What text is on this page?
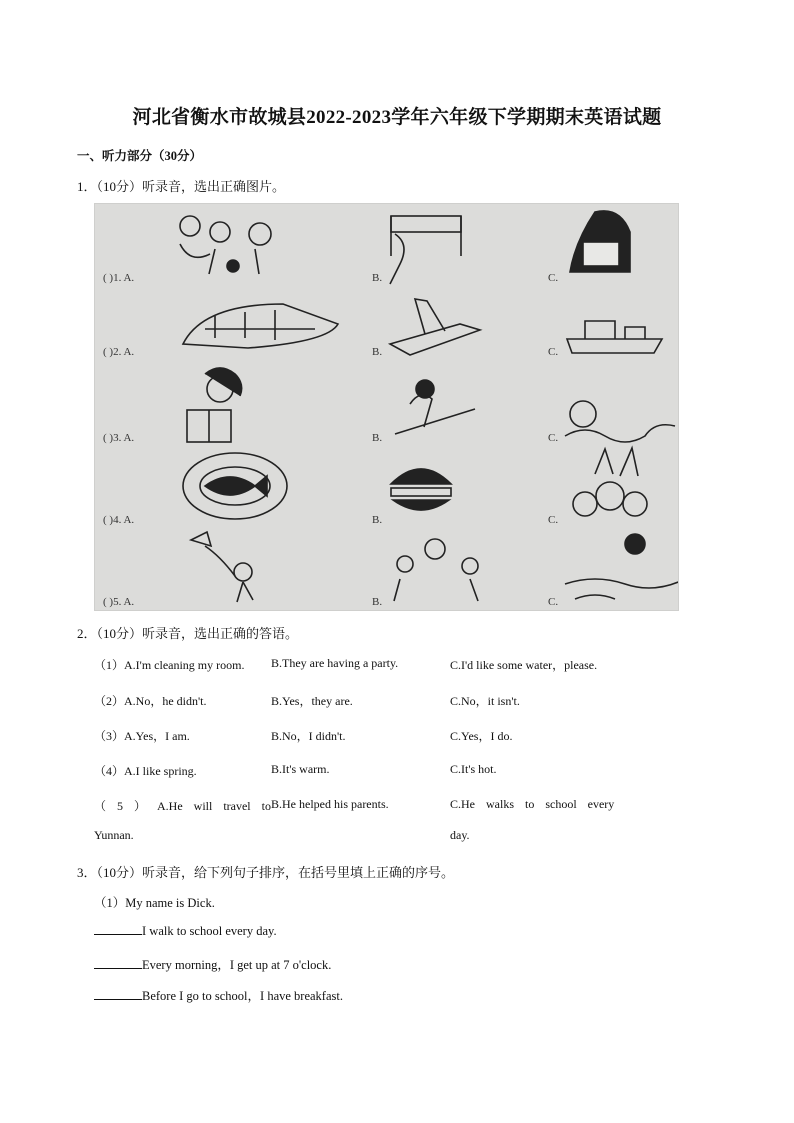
河北省衡水市故城县2022-2023学年六年级下学期期末英语试题
一、听力部分（30分）
1．（10分）听录音，选出正确图片。
( )1. A.	B.	C.
( )2. A.	B.	C.
( )3. A.	B.	C.
( )4. A.	B.	C.
( )5. A.	B.	C.
2．（10分）听录音，选出正确的答语。
（1）A.I'm cleaning my room. B.They are having a party.	C.I'd like some water，please.
（2）A.No，he didn't.	B.Yes，they are.	C.No，it isn't.
（3）A.Yes，I am.	B.No，I didn't.	C.Yes，I do.
（4）A.I like spring.	B.It's warm.	C.It's hot.
（ 5 ） A.He will travel to
Yunnan.
B.He helped his parents.	C.He walks to school every
day.
3．（10分）听录音，给下列句子排序，在括号里填上正确的序号。
（1）My name is Dick.
I walk to school every day.
Every morning，I get up at 7 o'clock.
Before I go to school，I have breakfast.
